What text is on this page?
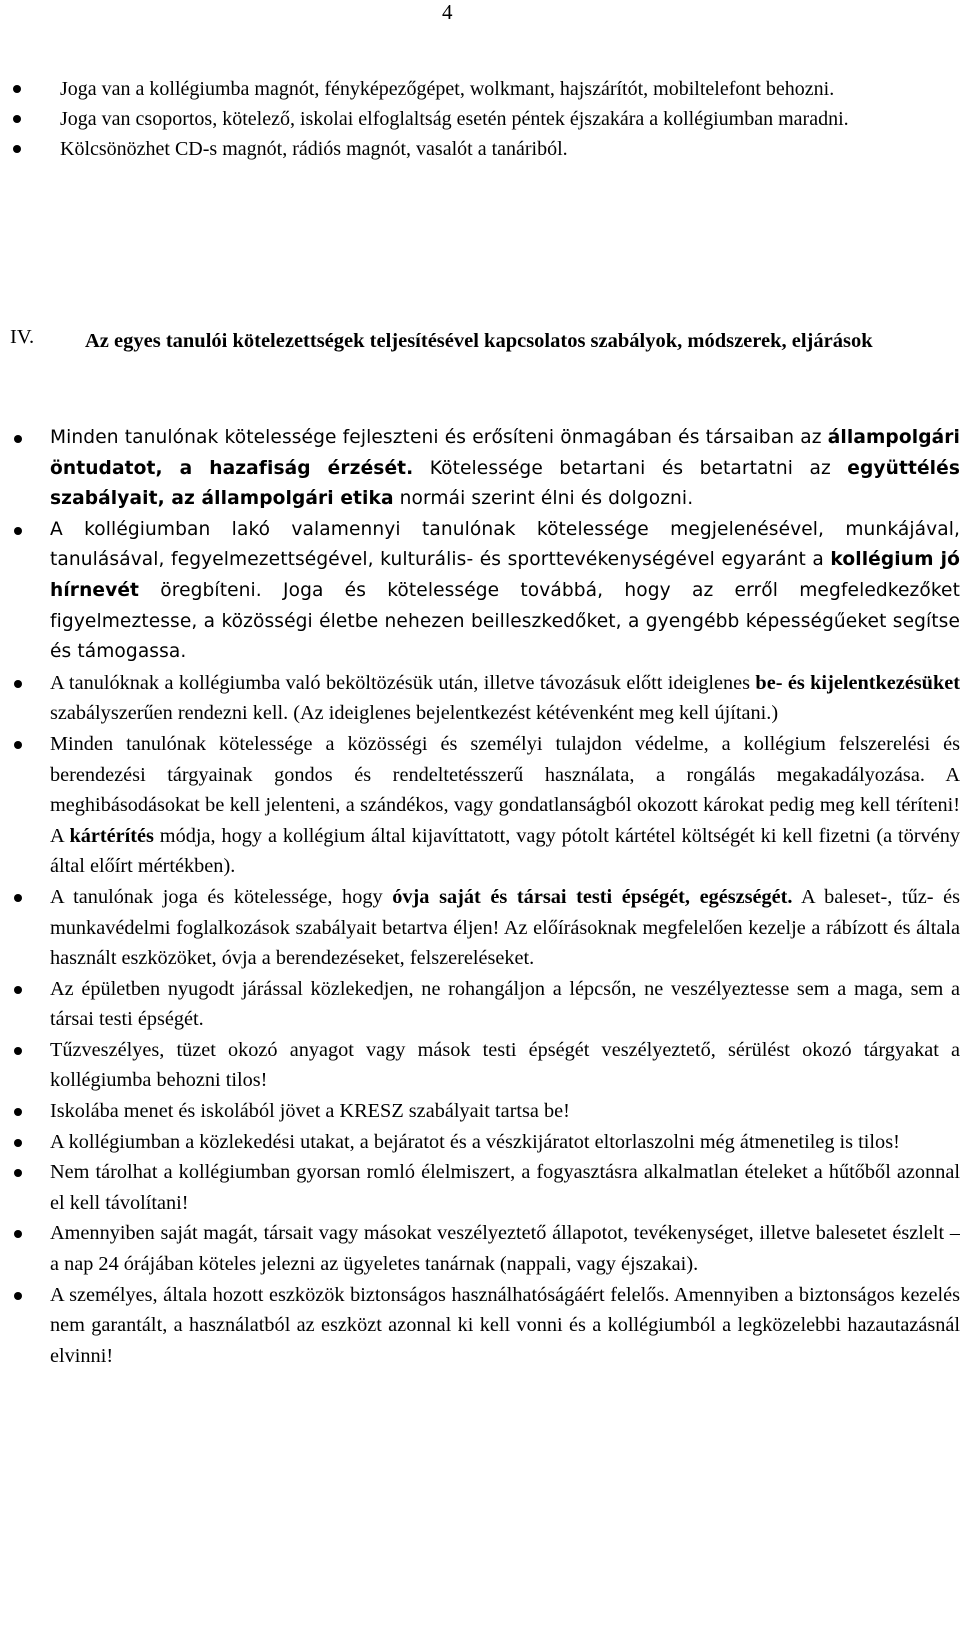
4

Joga van a kollégiumba magnót, fényképezőgépet, wolkmant, hajszárítót, mobiltelefont behozni.

Joga van csoportos, kötelező, iskolai elfoglaltság esetén péntek éjszakára a kollégiumban maradni.

Kölcsönözhet CD-s magnót, rádiós magnót, vasalót a tanáriból.

IV. Az egyes tanulói kötelezettségek teljesítésével kapcsolatos szabályok, módszerek, eljárások

Minden tanulónak kötelessége fejleszteni és erősíteni önmagában és társaiban az állampolgári öntudatot, a hazafiság érzését. Kötelessége betartani és betartatni az együttélés szabályait, az állampolgári etika normái szerint élni és dolgozni.

A kollégiumban lakó valamennyi tanulónak kötelessége megjelenésével, munkájával, tanulásával, fegyelmezettségével, kulturális- és sporttevékenységével egyaránt a kollégium jó hírnevét öregbíteni. Joga és kötelessége továbbá, hogy az erről megfeledkezőket figyelmeztesse, a közösségi életbe nehezen beilleszkedőket, a gyengébb képességűeket segítse és támogassa.

A tanulóknak a kollégiumba való beköltözésük után, illetve távozásuk előtt ideiglenes be- és kijelentkezésüket szabályszerűen rendezni kell. (Az ideiglenes bejelentkezést kétévenként meg kell újítani.)

Minden tanulónak kötelessége a közösségi és személyi tulajdon védelme, a kollégium felszerelési és berendezési tárgyainak gondos és rendeltetésszerű használata, a rongálás megakadályozása. A meghibásodásokat be kell jelenteni, a szándékos, vagy gondatlanságból okozott károkat pedig meg kell téríteni! A kártérítés módja, hogy a kollégium által kijavíttatott, vagy pótolt kártétel költségét ki kell fizetni (a törvény által előírt mértékben).

A tanulónak joga és kötelessége, hogy óvja saját és társai testi épségét, egészségét. A baleset-, tűz- és munkavédelmi foglalkozások szabályait betartva éljen! Az előírásoknak megfelelően kezelje a rábízott és általa használt eszközöket, óvja a berendezéseket, felszereléseket.

Az épületben nyugodt járással közlekedjen, ne rohangáljon a lépcsőn, ne veszélyeztesse sem a maga, sem a társai testi épségét.

Tűzveszélyes, tüzet okozó anyagot vagy mások testi épségét veszélyeztető, sérülést okozó tárgyakat a kollégiumba behozni tilos!

Iskolába menet és iskolából jövet a KRESZ szabályait tartsa be!

A kollégiumban a közlekedési utakat, a bejáratot és a vészkijáratot eltorlaszolni még átmenetileg is tilos!

Nem tárolhat a kollégiumban gyorsan romló élelmiszert, a fogyasztásra alkalmatlan ételeket a hűtőből azonnal el kell távolítani!

Amennyiben saját magát, társait vagy másokat veszélyeztető állapotot, tevékenységet, illetve balesetet észlelt – a nap 24 órájában köteles jelezni az ügyeletes tanárnak (nappali, vagy éjszakai).

A személyes, általa hozott eszközök biztonságos használhatóságáért felelős. Amennyiben a biztonságos kezelés nem garantált, a használatból az eszközt azonnal ki kell vonni és a kollégiumból a legközelebbi hazautazásnál elvinni!
